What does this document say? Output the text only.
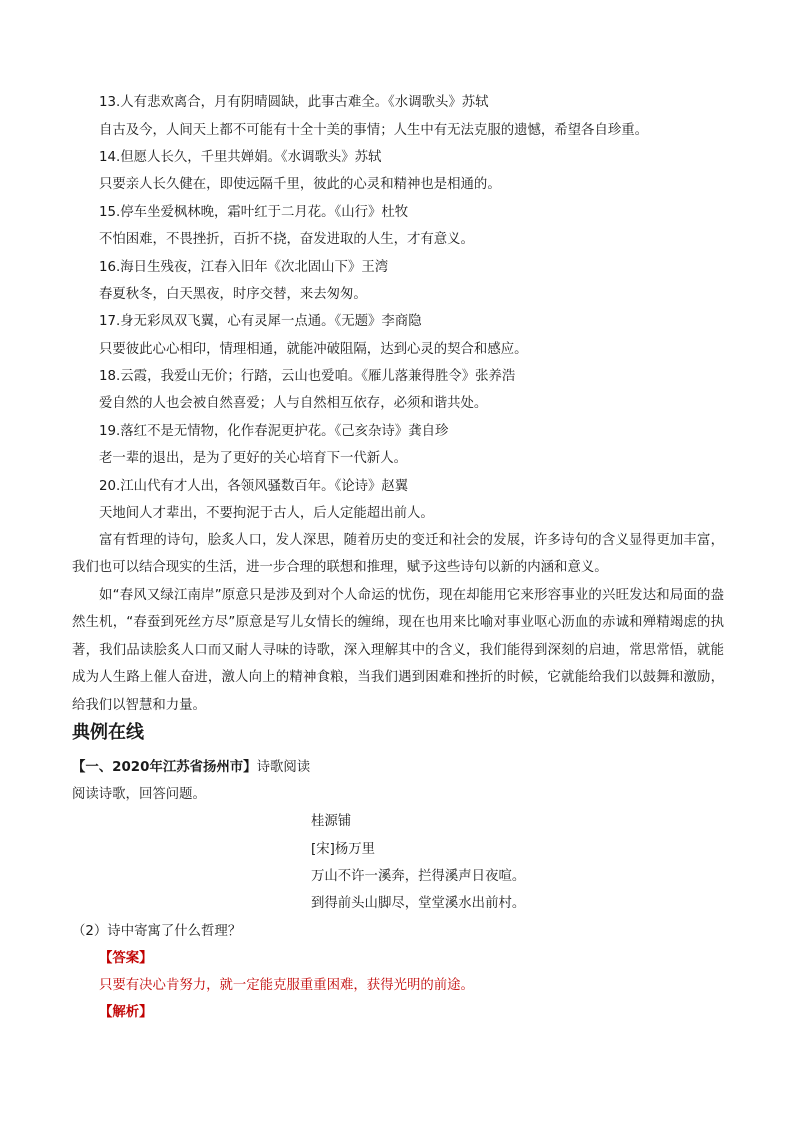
13.人有悲欢离合，月有阴晴圆缺，此事古难全。《水调歌头》苏轼
自古及今，人间天上都不可能有十全十美的事情；人生中有无法克服的遗憾，希望各自珍重。
14.但愿人长久，千里共婵娟。《水调歌头》苏轼
只要亲人长久健在，即使远隔千里，彼此的心灵和精神也是相通的。
15.停车坐爱枫林晚，霜叶红于二月花。《山行》杜牧
不怕困难，不畏挫折，百折不挠，奋发进取的人生，才有意义。
16.海日生残夜，江春入旧年《次北固山下》王湾
春夏秋冬，白天黑夜，时序交替，来去匆匆。
17.身无彩凤双飞翼，心有灵犀一点通。《无题》李商隐
只要彼此心心相印，情理相通，就能冲破阻隔，达到心灵的契合和感应。
18.云霞，我爱山无价；行踏，云山也爱咱。《雁儿落兼得胜令》张养浩
爱自然的人也会被自然喜爱；人与自然相互依存，必须和谐共处。
19.落红不是无情物，化作春泥更护花。《己亥杂诗》龚自珍
老一辈的退出，是为了更好的关心培育下一代新人。
20.江山代有才人出，各领风骚数百年。《论诗》赵翼
天地间人才辈出，不要拘泥于古人，后人定能超出前人。

富有哲理的诗句，脍炙人口，发人深思，随着历史的变迁和社会的发展，许多诗句的含义显得更加丰富，我们也可以结合现实的生活，进一步合理的联想和推理，赋予这些诗句以新的内涵和意义。

如“春风又绿江南岸”原意只是涉及到对个人命运的忧伤，现在却能用它来形容事业的兴旺发达和局面的盎然生机，“春蚕到死丝方尽”原意是写儿女情长的缠绵，现在也用来比喻对事业呕心沥血的赤诚和殚精竭虑的执著，我们品读脍炙人口而又耐人寻味的诗歌，深入理解其中的含义，我们能得到深刻的启迪，常思常悟，就能成为人生路上催人奋进，激人向上的精神食粮，当我们遇到困难和挫折的时候，它就能给我们以鼓舞和激励，给我们以智慧和力量。

典例在线
【一、2020年江苏省扬州市】诗歌阅读
阅读诗歌，回答问题。
桂源铺
[宋]杨万里
万山不许一溪奔，拦得溪声日夜喧。
到得前头山脚尽，堂堂溪水出前村。
（2）诗中寄寓了什么哲理？
【答案】
只要有决心肯努力，就一定能克服重重困难，获得光明的前途。
【解析】
